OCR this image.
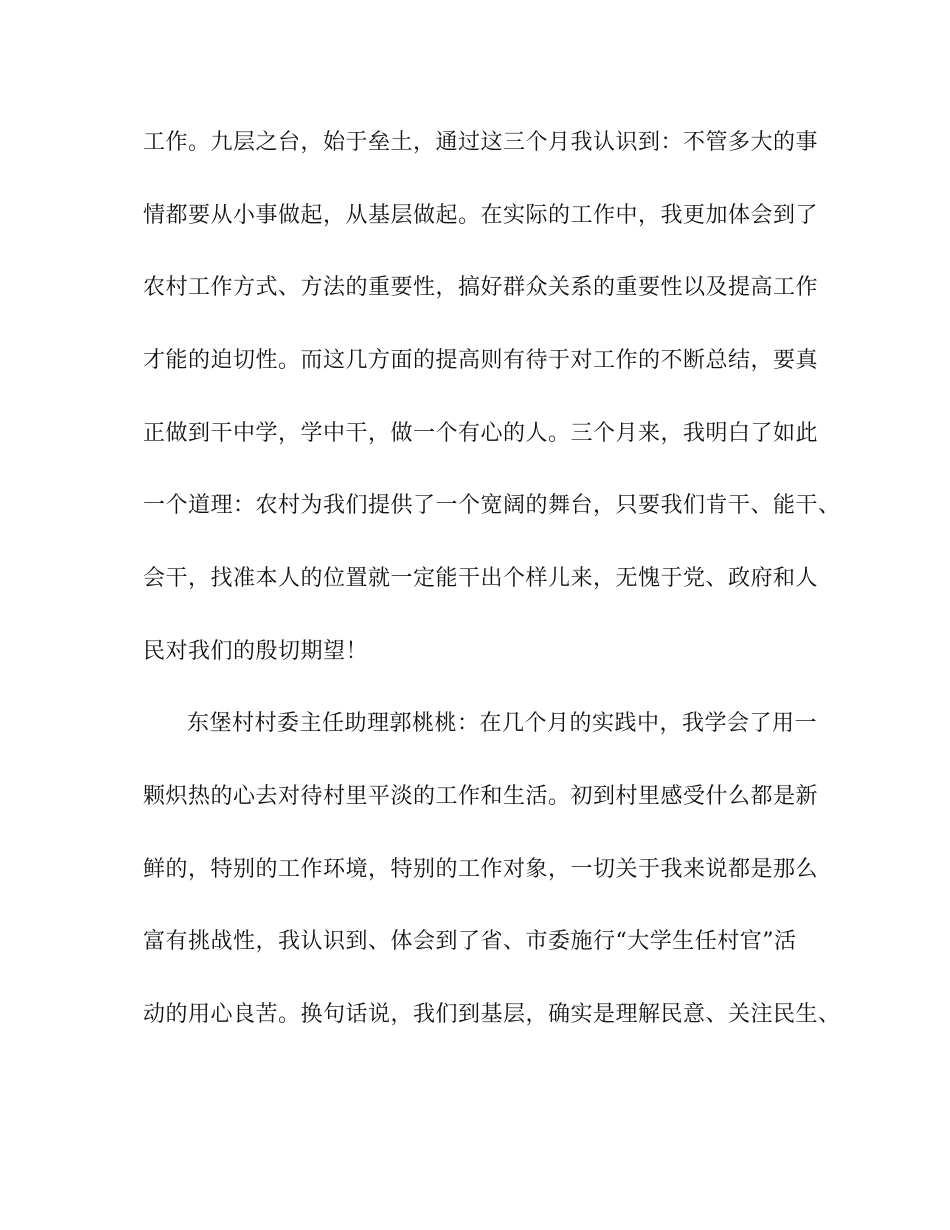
工作。九层之台，始于垒土，通过这三个月我认识到：不管多大的事
情都要从小事做起，从基层做起。在实际的工作中，我更加体会到了
农村工作方式、方法的重要性，搞好群众关系的重要性以及提高工作
才能的迫切性。而这几方面的提高则有待于对工作的不断总结，要真
正做到干中学，学中干，做一个有心的人。三个月来，我明白了如此
一个道理：农村为我们提供了一个宽阔的舞台，只要我们肯干、能干、
会干，找准本人的位置就一定能干出个样儿来，无愧于党、政府和人
民对我们的殷切期望！
东堡村村委主任助理郭桃桃：在几个月的实践中，我学会了用一
颗炽热的心去对待村里平淡的工作和生活。初到村里感受什么都是新
鲜的，特别的工作环境，特别的工作对象，一切关于我来说都是那么
富有挑战性，我认识到、体会到了省、市委施行“大学生任村官”活
动的用心良苦。换句话说，我们到基层，确实是理解民意、关注民生、
